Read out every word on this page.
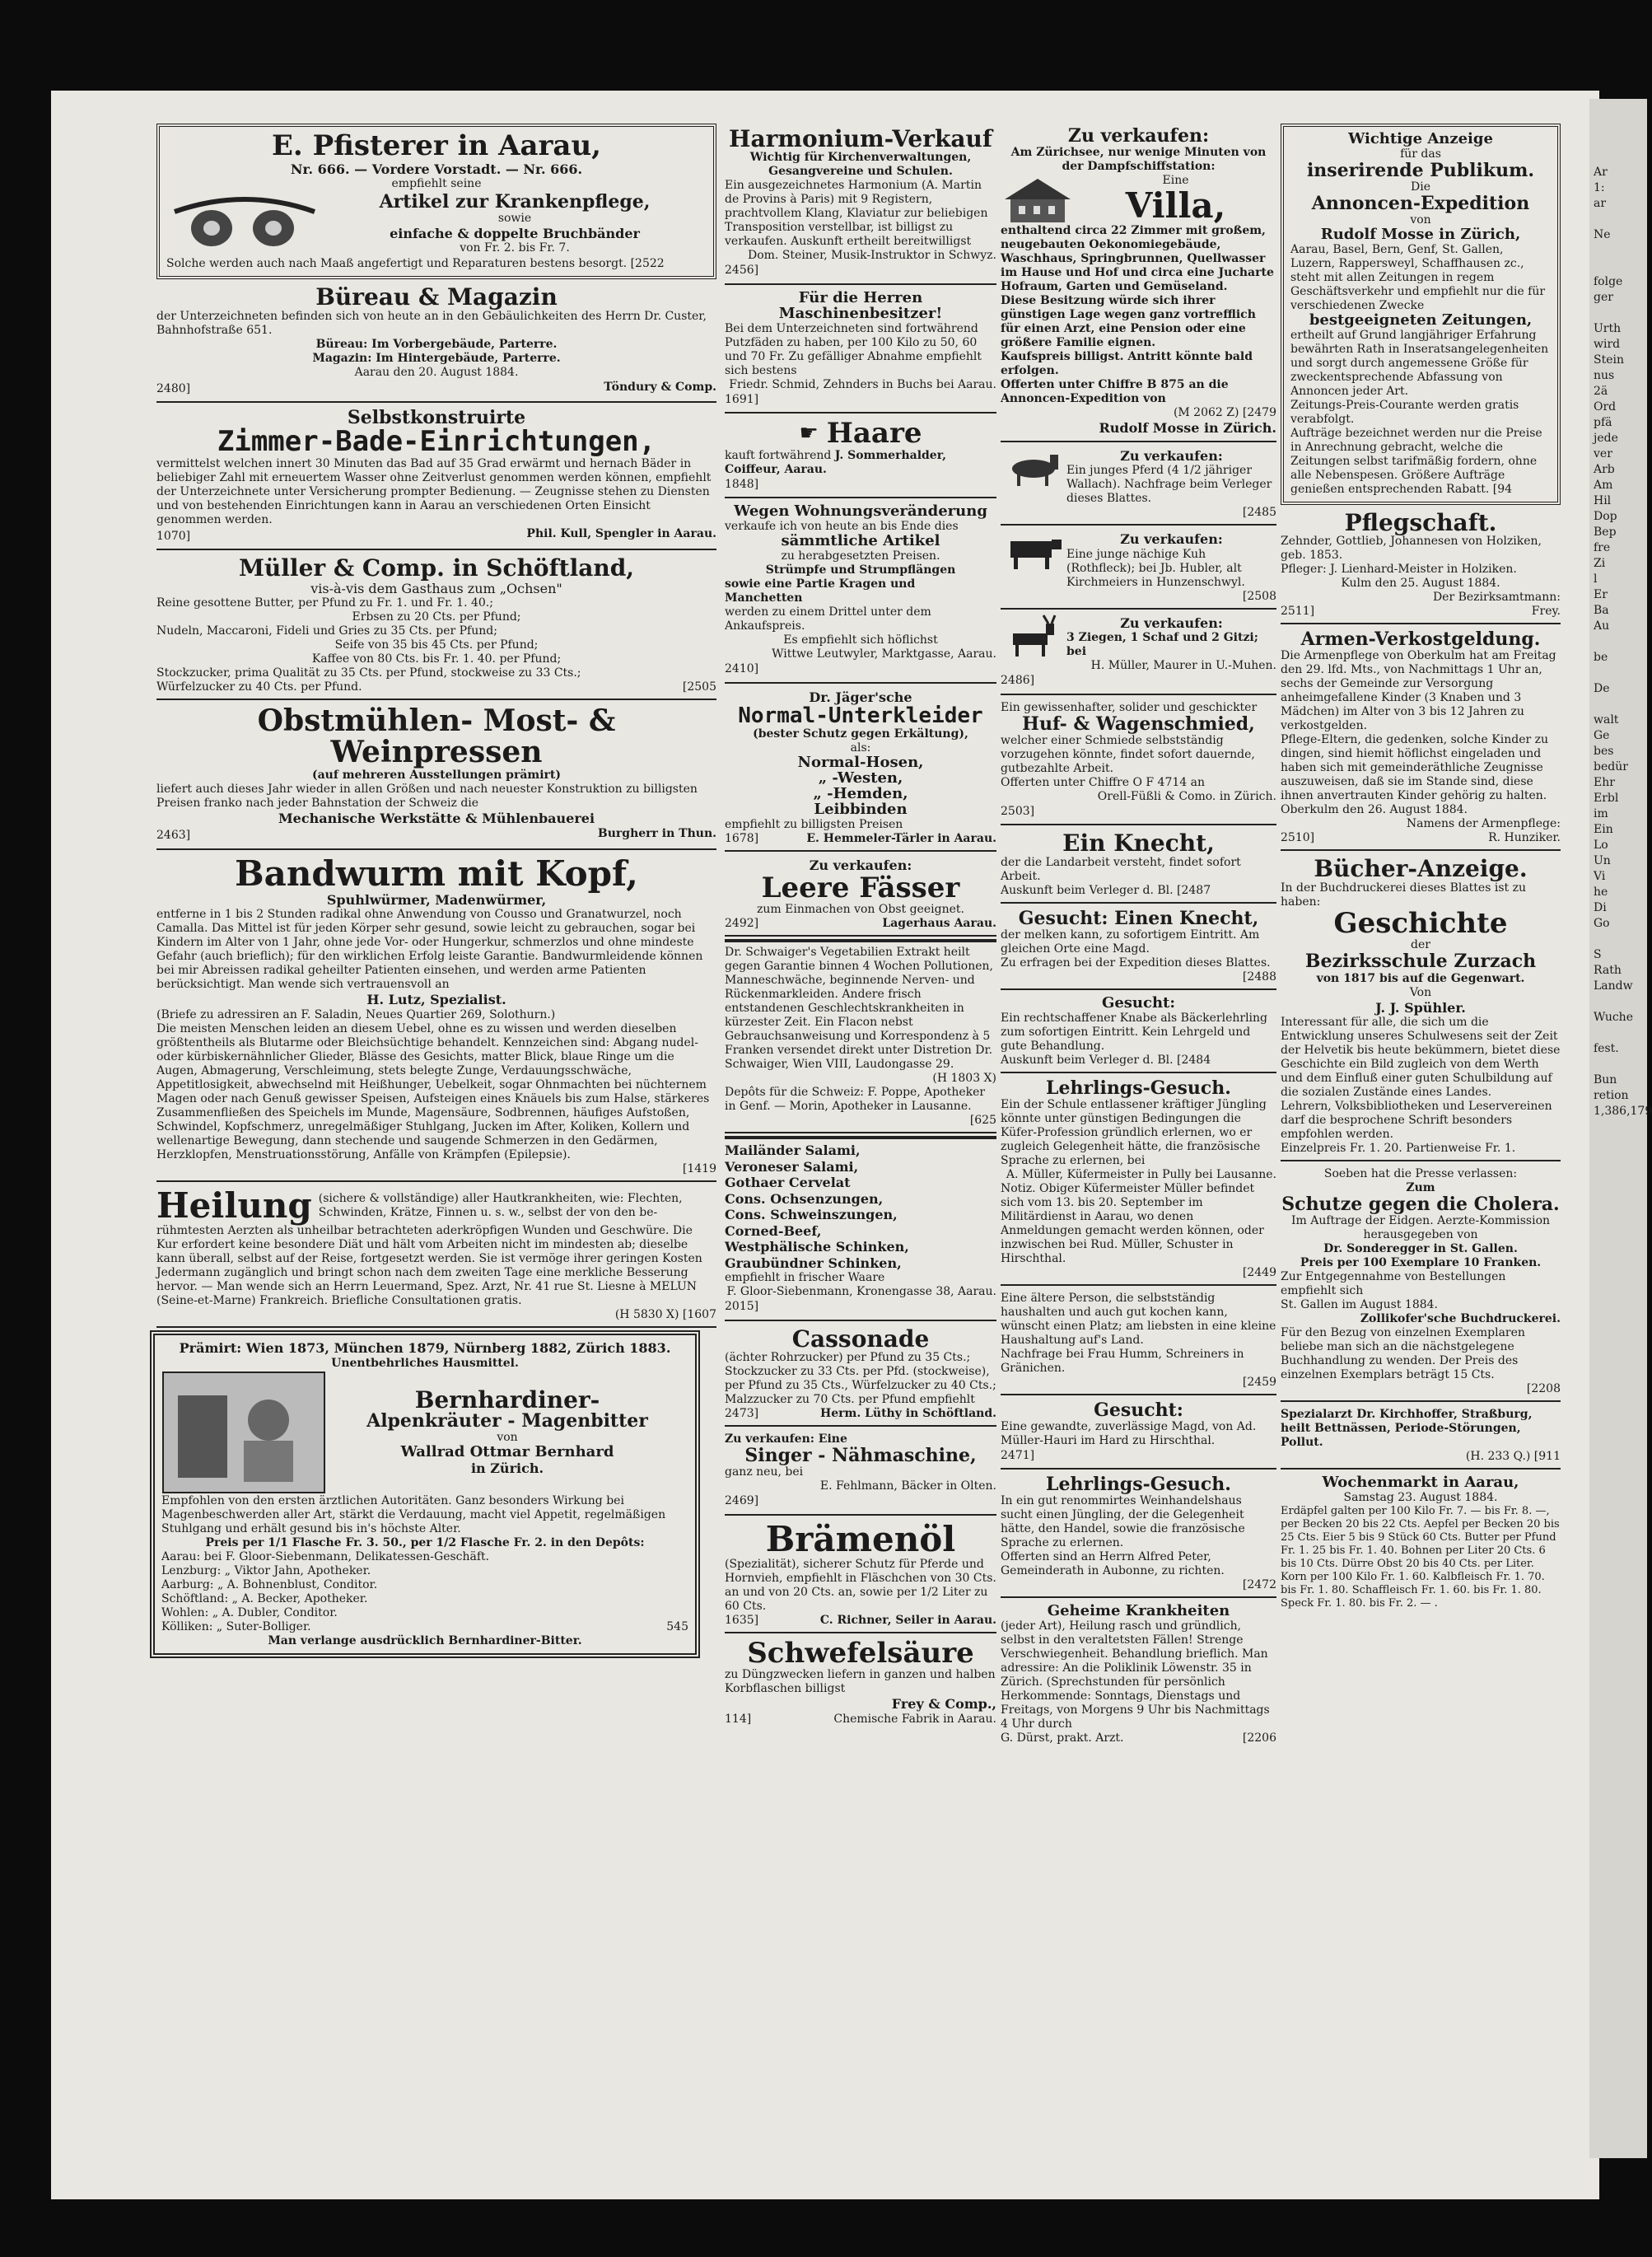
E. Pfisterer in Aarau,
Nr. 666. — Vordere Vorstadt. — Nr. 666.
empfiehlt seine
Artikel zur Krankenpflege,
sowie
einfache & doppelte Bruchbänder
von Fr. 2. bis Fr. 7.
Solche werden auch nach Maaß angefertigt und Reparaturen bestens besorgt. [2522
Büreau & Magazin
der Unterzeichneten befinden sich von heute an in den Gebäulichkeiten des Herrn Dr. Custer, Bahnhofstraße 651.
Büreau: Im Vorbergebäude, Parterre.
Magazin: Im Hintergebäude, Parterre.
Aarau den 20. August 1884.
2480]	Töndury & Comp.
Selbstkonstruirte
Zimmer-Bade-Einrichtungen,
vermittelst welchen innert 30 Minuten das Bad auf 35 Grad erwärmt und hernach Bäder in beliebiger Zahl mit erneuertem Wasser ohne Zeitverlust genommen werden können, empfiehlt der Unterzeichnete unter Versicherung prompter Bedienung. — Zeugnisse stehen zu Diensten und von bestehenden Einrichtungen kann in Aarau an verschiedenen Orten Einsicht genommen werden.
1070]	Phil. Kull, Spengler in Aarau.
Müller & Comp. in Schöftland,
vis-à-vis dem Gasthaus zum „Ochsen"
Reine gesottene Butter, per Pfund zu Fr. 1. und Fr. 1. 40.;
Erbsen zu 20 Cts. per Pfund;
Nudeln, Maccaroni, Fideli und Gries zu 35 Cts. per Pfund;
Seife von 35 bis 45 Cts. per Pfund;
Kaffee von 80 Cts. bis Fr. 1. 40. per Pfund;
Stockzucker, prima Qualität zu 35 Cts. per Pfund, stockweise zu 33 Cts.;
Würfelzucker zu 40 Cts. per Pfund.	[2505
Obstmühlen- Most- & Weinpressen
(auf mehreren Ausstellungen prämirt)
liefert auch dieses Jahr wieder in allen Größen und nach neuester Konstruktion zu billigsten Preisen franko nach jeder Bahnstation der Schweiz die
Mechanische Werkstätte & Mühlenbauerei
2463]	Burgherr in Thun.
Bandwurm mit Kopf,
Spuhlwürmer, Madenwürmer,
entferne in 1 bis 2 Stunden radikal ohne Anwendung von Cousso und Granatwurzel, noch Camalla. Das Mittel ist für jeden Körper sehr gesund, sowie leicht zu gebrauchen, sogar bei Kindern im Alter von 1 Jahr, ohne jede Vor- oder Hungerkur, schmerzlos und ohne mindeste Gefahr (auch brieflich); für den wirklichen Erfolg leiste Garantie. Bandwurmleidende können bei mir Abreissen radikal geheilter Patienten einsehen, und werden arme Patienten berücksichtigt. Man wende sich vertrauensvoll an
H. Lutz, Spezialist.
(Briefe zu adressiren an F. Saladin, Neues Quartier 269, Solothurn.)
Die meisten Menschen leiden an diesem Uebel, ohne es zu wissen und werden dieselben größtentheils als Blutarme oder Bleichsüchtige behandelt. Kennzeichen sind: Abgang nudel- oder kürbiskernähnlicher Glieder, Blässe des Gesichts, matter Blick, blaue Ringe um die Augen, Abmagerung, Verschleimung, stets belegte Zunge, Verdauungsschwäche, Appetitlosigkeit, abwechselnd mit Heißhunger, Uebelkeit, sogar Ohnmachten bei nüchternem Magen oder nach Genuß gewisser Speisen, Aufsteigen eines Knäuels bis zum Halse, stärkeres Zusammenfließen des Speichels im Munde, Magensäure, Sodbrennen, häufiges Aufstoßen, Schwindel, Kopfschmerz, unregelmäßiger Stuhlgang, Jucken im After, Koliken, Kollern und wellenartige Bewegung, dann stechende und saugende Schmerzen in den Gedärmen, Herzklopfen, Menstruationsstörung, Anfälle von Krämpfen (Epilepsie).
[1419
Heilung (sichere & vollständige) aller Hautkrankheiten, wie: Flechten, Schwinden, Krätze, Finnen u. s. w., selbst der von den be-
rühmtesten Aerzten als unheilbar betrachteten aderkröpfigen Wunden und Geschwüre. Die Kur erfordert keine besondere Diät und hält vom Arbeiten nicht im mindesten ab; dieselbe kann überall, selbst auf der Reise, fortgesetzt werden. Sie ist vermöge ihrer geringen Kosten Jedermann zugänglich und bringt schon nach dem zweiten Tage eine merkliche Besserung hervor. — Man wende sich an Herrn Leuermand, Spez. Arzt, Nr. 41 rue St. Liesne à MELUN (Seine-et-Marne) Frankreich. Briefliche Consultationen gratis.
(H 5830 X) [1607
Prämirt: Wien 1873, München 1879, Nürnberg 1882, Zürich 1883.
Unentbehrliches Hausmittel.
Bernhardiner-
Alpenkräuter - Magenbitter
von
Wallrad Ottmar Bernhard
in Zürich.
Empfohlen von den ersten ärztlichen Autoritäten. Ganz besonders Wirkung bei Magenbeschwerden aller Art, stärkt die Verdauung, macht viel Appetit, regelmäßigen Stuhlgang und erhält gesund bis in's höchste Alter.
Preis per 1/1 Flasche Fr. 3. 50., per 1/2 Flasche Fr. 2. in den Depôts:
Aarau: bei F. Gloor-Siebenmann, Delikatessen-Geschäft.
Lenzburg: „ Viktor Jahn, Apotheker.
Aarburg: „ A. Bohnenblust, Conditor.
Schöftland: „ A. Becker, Apotheker.
Wohlen: „ A. Dubler, Conditor.
Kölliken: „ Suter-Bolliger.	545
Man verlange ausdrücklich Bernhardiner-Bitter.
Harmonium-Verkauf
Wichtig für Kirchenverwaltungen, Gesangvereine und Schulen.
Ein ausgezeichnetes Harmonium (A. Martin de Provins à Paris) mit 9 Registern, prachtvollem Klang, Klaviatur zur beliebigen Transposition verstellbar, ist billigst zu verkaufen. Auskunft ertheilt bereitwilligst
Dom. Steiner, Musik-Instruktor in Schwyz.
2456]
Für die Herren Maschinenbesitzer!
Bei dem Unterzeichneten sind fortwährend Putzfäden zu haben, per 100 Kilo zu 50, 60 und 70 Fr. Zu gefälliger Abnahme empfiehlt sich bestens
Friedr. Schmid, Zehnders in Buchs bei Aarau.
1691]
☛ Haare
kauft fortwährend J. Sommerhalder, Coiffeur, Aarau.
1848]
Wegen Wohnungsveränderung
verkaufe ich von heute an bis Ende dies
sämmtliche Artikel
zu herabgesetzten Preisen.
Strümpfe und Strumpflängen
sowie eine Partie Kragen und Manchetten
werden zu einem Drittel unter dem Ankaufspreis.
Es empfiehlt sich höflichst
Wittwe Leutwyler, Marktgasse, Aarau.
2410]
Dr. Jäger'sche
Normal-Unterkleider
(bester Schutz gegen Erkältung),
als:
Normal-Hosen,
„ -Westen,
„ -Hemden,
Leibbinden
empfiehlt zu billigsten Preisen
1678]	E. Hemmeler-Tärler in Aarau.
Zu verkaufen:
Leere Fässer
zum Einmachen von Obst geeignet.
2492]	Lagerhaus Aarau.
Dr. Schwaiger's Vegetabilien Extrakt heilt gegen Garantie binnen 4 Wochen Pollutionen, Manneschwäche, beginnende Nerven- und Rückenmarkleiden. Andere frisch entstandenen Geschlechtskrankheiten in kürzester Zeit. Ein Flacon nebst Gebrauchsanweisung und Korrespondenz à 5 Franken versendet direkt unter Distretion Dr. Schwaiger, Wien VIII, Laudongasse 29.
(H 1803 X)
Depôts für die Schweiz: F. Poppe, Apotheker in Genf. — Morin, Apotheker in Lausanne.
[625
Mailänder Salami,
Veroneser Salami,
Gothaer Cervelat
Cons. Ochsenzungen,
Cons. Schweinszungen,
Corned-Beef,
Westphälische Schinken,
Graubündner Schinken,
empfiehlt in frischer Waare
F. Gloor-Siebenmann, Kronengasse 38, Aarau.
2015]
Cassonade
(ächter Rohrzucker) per Pfund zu 35 Cts.; Stockzucker zu 33 Cts. per Pfd. (stockweise), per Pfund zu 35 Cts., Würfelzucker zu 40 Cts.; Malzzucker zu 70 Cts. per Pfund empfiehlt
2473]	Herm. Lüthy in Schöftland.
Zu verkaufen: Eine
Singer - Nähmaschine,
ganz neu, bei
E. Fehlmann, Bäcker in Olten.
2469]
Brämenöl
(Spezialität), sicherer Schutz für Pferde und Hornvieh, empfiehlt in Fläschchen von 30 Cts. an und von 20 Cts. an, sowie per 1/2 Liter zu 60 Cts.
1635]	C. Richner, Seiler in Aarau.
Schwefelsäure
zu Düngzwecken liefern in ganzen und halben Korbflaschen billigst
Frey & Comp.,
114]	Chemische Fabrik in Aarau.
Zu verkaufen:
Am Zürichsee, nur wenige Minuten von der Dampfschiffstation:
Eine
Villa,
enthaltend circa 22 Zimmer mit großem, neugebauten Oekonomiegebäude, Waschhaus, Springbrunnen, Quellwasser im Hause und Hof und circa eine Jucharte Hofraum, Garten und Gemüseland.
Diese Besitzung würde sich ihrer günstigen Lage wegen ganz vortrefflich für einen Arzt, eine Pension oder eine größere Familie eignen.
Kaufspreis billigst. Antritt könnte bald erfolgen.
Offerten unter Chiffre B 875 an die Annoncen-Expedition von
(M 2062 Z) [2479
Rudolf Mosse in Zürich.
Zu verkaufen:
Ein junges Pferd (4 1/2 jähriger Wallach). Nachfrage beim Verleger dieses Blattes.
[2485
Zu verkaufen:
Eine junge nächige Kuh (Rothfleck); bei Jb. Hubler, alt Kirchmeiers in Hunzenschwyl.
[2508
Zu verkaufen:
3 Ziegen, 1 Schaf und 2 Gitzi; bei
H. Müller, Maurer in U.-Muhen.
2486]
Ein gewissenhafter, solider und geschickter
Huf- & Wagenschmied,
welcher einer Schmiede selbstständig vorzugehen könnte, findet sofort dauernde, gutbezahlte Arbeit.
Offerten unter Chiffre O F 4714 an
Orell-Füßli & Como. in Zürich.
2503]
Ein Knecht,
der die Landarbeit versteht, findet sofort Arbeit.
Auskunft beim Verleger d. Bl. [2487
Gesucht: Einen Knecht,
der melken kann, zu sofortigem Eintritt. Am gleichen Orte eine Magd.
Zu erfragen bei der Expedition dieses Blattes.
[2488
Gesucht:
Ein rechtschaffener Knabe als Bäckerlehrling zum sofortigen Eintritt. Kein Lehrgeld und gute Behandlung.
Auskunft beim Verleger d. Bl. [2484
Lehrlings-Gesuch.
Ein der Schule entlassener kräftiger Jüngling könnte unter günstigen Bedingungen die Küfer-Profession gründlich erlernen, wo er zugleich Gelegenheit hätte, die französische Sprache zu erlernen, bei
A. Müller, Küfermeister in Pully bei Lausanne.
Notiz. Obiger Küfermeister Müller befindet sich vom 13. bis 20. September im Militärdienst in Aarau, wo denen Anmeldungen gemacht werden können, oder inzwischen bei Rud. Müller, Schuster in Hirschthal.
[2449
Eine ältere Person, die selbstständig haushalten und auch gut kochen kann, wünscht einen Platz; am liebsten in eine kleine Haushaltung auf's Land.
Nachfrage bei Frau Humm, Schreiners in Gränichen.
[2459
Gesucht:
Eine gewandte, zuverlässige Magd, von Ad. Müller-Hauri im Hard zu Hirschthal.
2471]
Lehrlings-Gesuch.
In ein gut renommirtes Weinhandelshaus sucht einen Jüngling, der die Gelegenheit hätte, den Handel, sowie die französische Sprache zu erlernen.
Offerten sind an Herrn Alfred Peter, Gemeinderath in Aubonne, zu richten.
[2472
Geheime Krankheiten
(jeder Art), Heilung rasch und gründlich, selbst in den veraltetsten Fällen! Strenge Verschwiegenheit. Behandlung brieflich. Man adressire: An die Poliklinik Löwenstr. 35 in Zürich. (Sprechstunden für persönlich Herkommende: Sonntags, Dienstags und Freitags, von Morgens 9 Uhr bis Nachmittags 4 Uhr durch
G. Dürst, prakt. Arzt.	[2206
Wichtige Anzeige
für das
inserirende Publikum.
Die
Annoncen-Expedition
von
Rudolf Mosse in Zürich,
Aarau, Basel, Bern, Genf, St. Gallen, Luzern, Rappersweyl, Schaffhausen zc., steht mit allen Zeitungen in regem Geschäftsverkehr und empfiehlt nur die für verschiedenen Zwecke
bestgeeigneten Zeitungen,
ertheilt auf Grund langjähriger Erfahrung bewährten Rath in Inseratsangelegenheiten und sorgt durch angemessene Größe für zweckentsprechende Abfassung von Annoncen jeder Art.
Zeitungs-Preis-Courante werden gratis verabfolgt.
Aufträge bezeichnet werden nur die Preise in Anrechnung gebracht, welche die Zeitungen selbst tarifmäßig fordern, ohne alle Nebenspesen. Größere Aufträge genießen entsprechenden Rabatt. [94
Pflegschaft.
Zehnder, Gottlieb, Johannesen von Holziken, geb. 1853.
Pfleger: J. Lienhard-Meister in Holziken.
Kulm den 25. August 1884.
Der Bezirksamtmann:
2511]	Frey.
Armen-Verkostgeldung.
Die Armenpflege von Oberkulm hat am Freitag den 29. lfd. Mts., von Nachmittags 1 Uhr an, sechs der Gemeinde zur Versorgung anheimgefallene Kinder (3 Knaben und 3 Mädchen) im Alter von 3 bis 12 Jahren zu verkostgelden.
Pflege-Eltern, die gedenken, solche Kinder zu dingen, sind hiemit höflichst eingeladen und haben sich mit gemeinderäthliche Zeugnisse auszuweisen, daß sie im Stande sind, diese ihnen anvertrauten Kinder gehörig zu halten.
Oberkulm den 26. August 1884.
Namens der Armenpflege:
2510]	R. Hunziker.
Bücher-Anzeige.
In der Buchdruckerei dieses Blattes ist zu haben:
Geschichte
der
Bezirksschule Zurzach
von 1817 bis auf die Gegenwart.
Von
J. J. Spühler.
Interessant für alle, die sich um die Entwicklung unseres Schulwesens seit der Zeit der Helvetik bis heute bekümmern, bietet diese Geschichte ein Bild zugleich von dem Werth und dem Einfluß einer guten Schulbildung auf die sozialen Zustände eines Landes.
Lehrern, Volksbibliotheken und Leservereinen darf die besprochene Schrift besonders empfohlen werden.
Einzelpreis Fr. 1. 20. Partienweise Fr. 1.
Soeben hat die Presse verlassen:
Zum
Schutze gegen die Cholera.
Im Auftrage der Eidgen. Aerzte-Kommission
herausgegeben von
Dr. Sonderegger in St. Gallen.
Preis per 100 Exemplare 10 Franken.
Zur Entgegennahme von Bestellungen empfiehlt sich
St. Gallen im August 1884.
Zollikofer'sche Buchdruckerei.
Für den Bezug von einzelnen Exemplaren beliebe man sich an die nächstgelegene Buchhandlung zu wenden. Der Preis des einzelnen Exemplars beträgt 15 Cts.
[2208
Spezialarzt Dr. Kirchhoffer, Straßburg, heilt Bettnässen, Periode-Störungen, Pollut.
(H. 233 Q.) [911
Wochenmarkt in Aarau,
Samstag 23. August 1884.
Erdäpfel galten per 100 Kilo Fr. 7. — bis Fr. 8. —, per Becken 20 bis 22 Cts. Aepfel per Becken 20 bis 25 Cts. Eier 5 bis 9 Stück 60 Cts. Butter per Pfund Fr. 1. 25 bis Fr. 1. 40. Bohnen per Liter 20 Cts. 6 bis 10 Cts. Dürre Obst 20 bis 40 Cts. per Liter. Korn per 100 Kilo Fr. 1. 60. Kalbfleisch Fr. 1. 70. bis Fr. 1. 80. Schaffleisch Fr. 1. 60. bis Fr. 1. 80. Speck Fr. 1. 80. bis Fr. 2. — .
Ar
1:
ar

Ne

folge
ger

Urth
wird
Stein
nus
2ä
Ord
pfä
jede
ver
Arb
Am
Hil
Dop
Bep
fre
Zi
l
Er
Ba
Au

be

De

walt
Ge
bes
bedür
Ehr
Erbl
im
Ein
Lo
Un
Vi
he
Di
Go

S
Rath
Landw

Wuche

fest.

Bun
retion
1,386,179
